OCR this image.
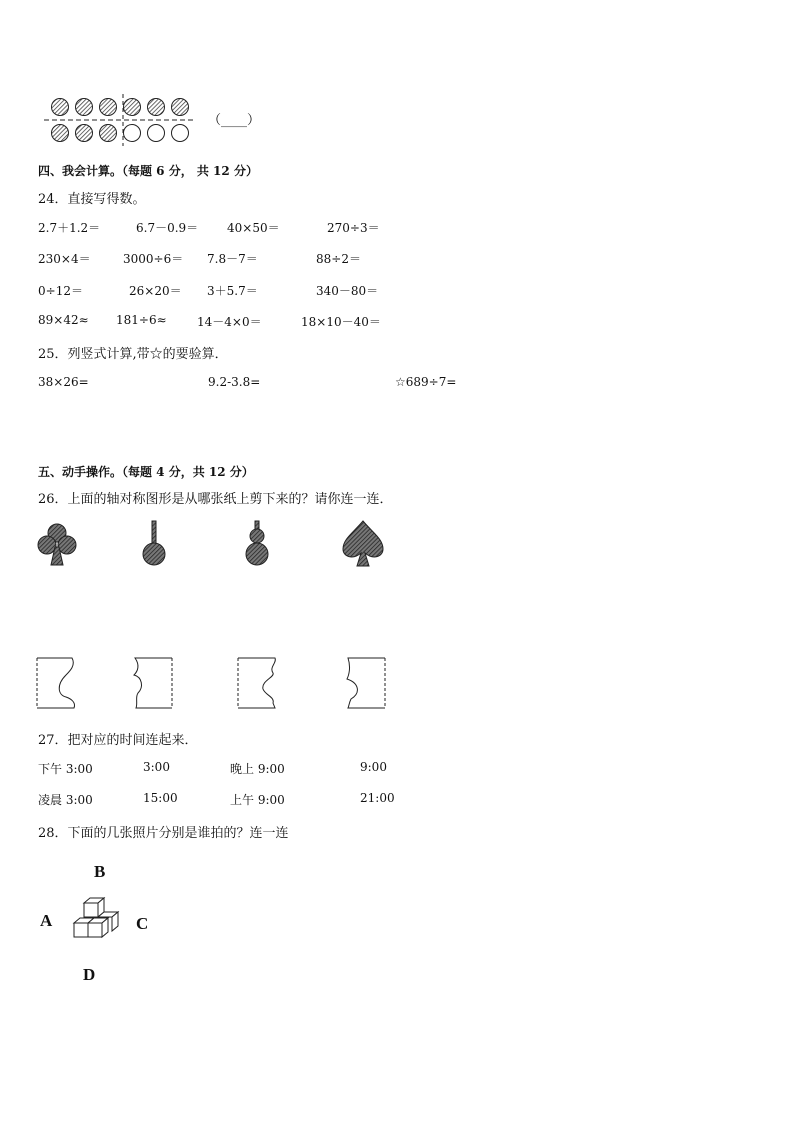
（____）
四、我会计算。（每题 6 分， 共 12 分）
24．直接写得数。
2.7＋1.2＝	6.7－0.9＝ 40×50＝	270÷3＝
230×4＝	3000÷6＝ 7.8－7＝	88÷2＝
0÷12＝	26×20＝ 3＋5.7＝	340－80＝
89×42≈ 181÷6≈	14－4×0＝	18×10－40＝
25．列竖式计算,带☆的要验算．
38×26=	9.2-3.8=	☆689÷7=
五、动手操作。（每题 4 分，共 12 分）
26．上面的轴对称图形是从哪张纸上剪下来的？请你连一连．
27．把对应的时间连起来．
下午 3:00	3:00	晚上 9:00	9:00
凌晨 3:00	15:00	上午 9:00	21:00
28．下面的几张照片分别是谁拍的？连一连
B
A	C
D
